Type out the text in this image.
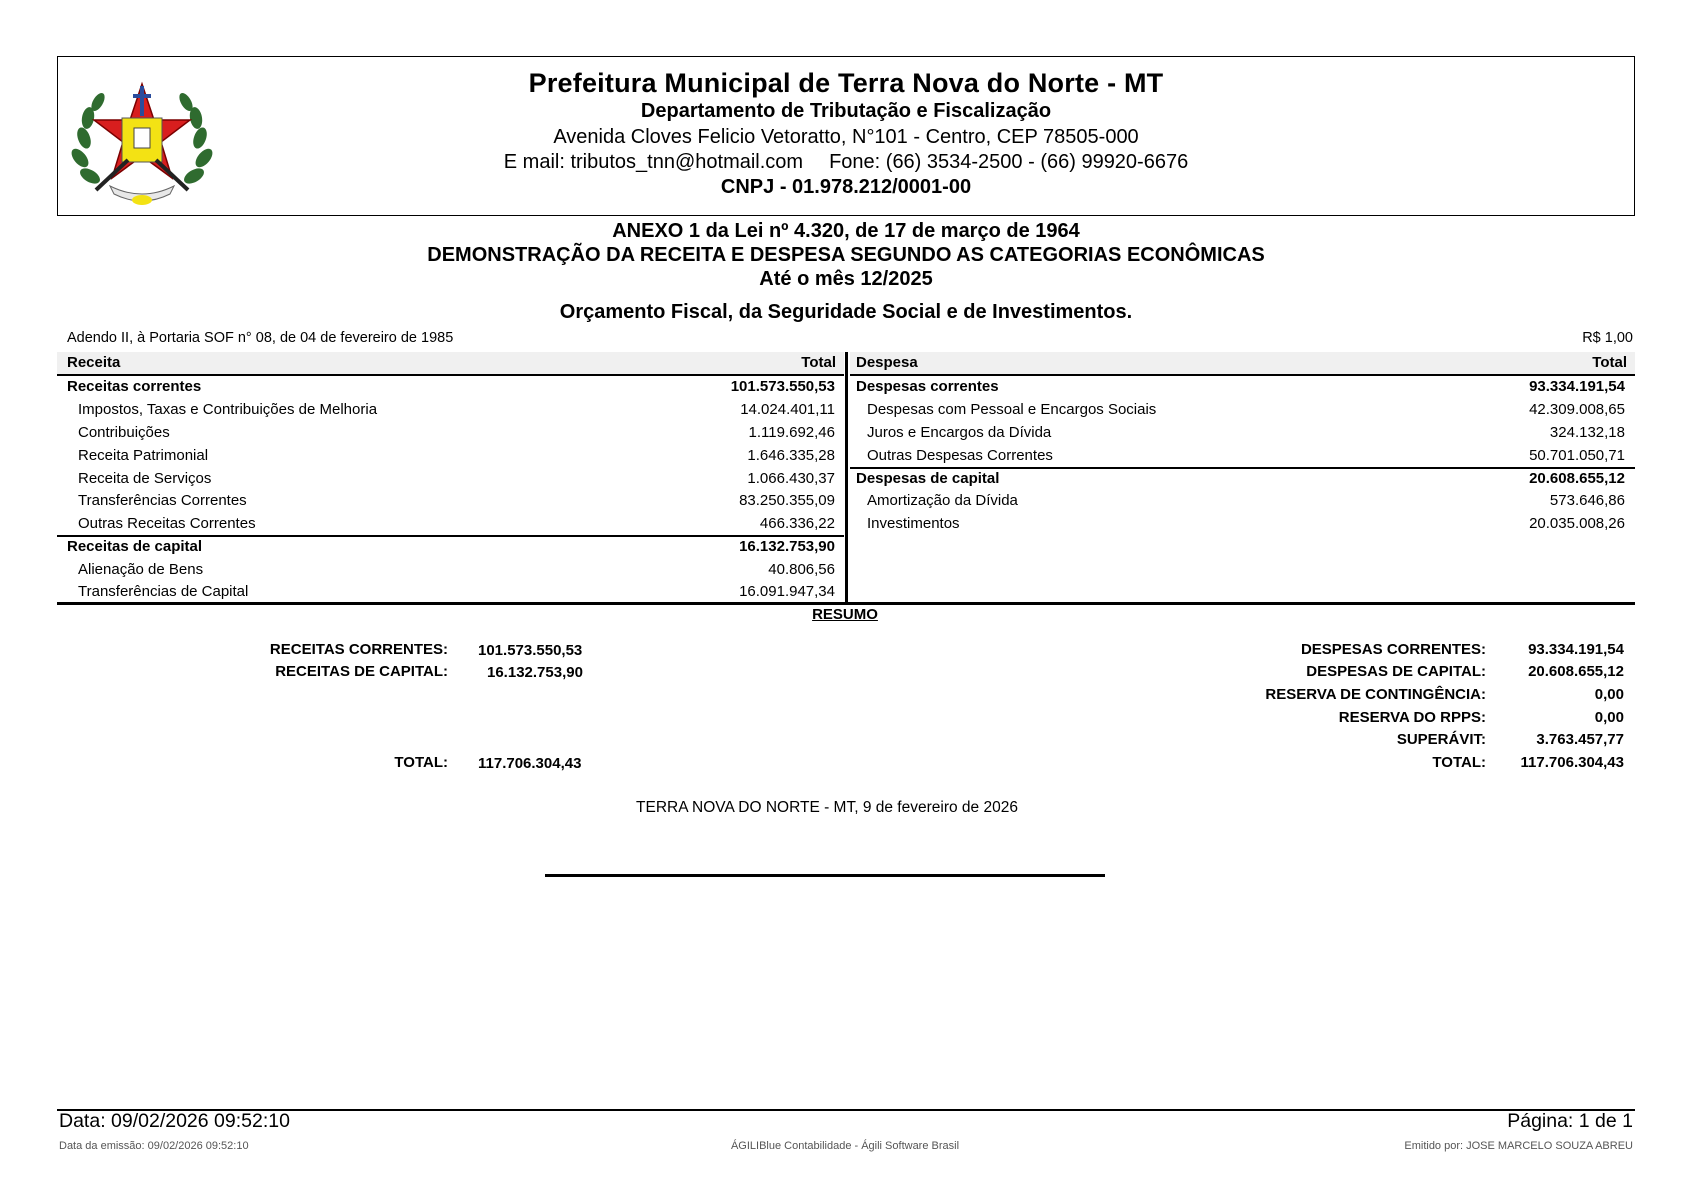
Prefeitura Municipal de Terra Nova do Norte - MT
Departamento de Tributação e Fiscalização
Avenida Cloves Felicio Vetoratto, N°101 - Centro, CEP 78505-000
E mail: tributos_tnn@hotmail.com Fone: (66) 3534-2500 - (66) 99920-6676
CNPJ - 01.978.212/0001-00
ANEXO 1 da Lei nº 4.320, de 17 de março de 1964
DEMONSTRAÇÃO DA RECEITA E DESPESA SEGUNDO AS CATEGORIAS ECONÔMICAS
Até o mês 12/2025
Orçamento Fiscal, da Seguridade Social e de Investimentos.
Adendo II, à Portaria SOF n° 08, de 04 de fevereiro de 1985	R$ 1,00
Receita	Total Despesa	Total
Receitas correntes	101.573.550,53
Impostos, Taxas e Contribuições de Melhoria	14.024.401,11
Contribuições	1.119.692,46
Receita Patrimonial	1.646.335,28
Receita de Serviços	1.066.430,37
Transferências Correntes	83.250.355,09
Outras Receitas Correntes	466.336,22
Receitas de capital	16.132.753,90
Alienação de Bens	40.806,56
Transferências de Capital	16.091.947,34
Despesas correntes	93.334.191,54
Despesas com Pessoal e Encargos Sociais	42.309.008,65
Juros e Encargos da Dívida	324.132,18
Outras Despesas Correntes	50.701.050,71
Despesas de capital	20.608.655,12
Amortização da Dívida	573.646,86
Investimentos	20.035.008,26
RESUMO
RECEITAS CORRENTES: 101.573.550,53
RECEITAS DE CAPITAL:	16.132.753,90
TOTAL: 117.706.304,43
DESPESAS CORRENTES:	93.334.191,54
DESPESAS DE CAPITAL:	20.608.655,12
RESERVA DE CONTINGÊNCIA:	0,00
RESERVA DO RPPS:	0,00
SUPERÁVIT:	3.763.457,77
TOTAL:	117.706.304,43
TERRA NOVA DO NORTE - MT, 9 de fevereiro de 2026
Data: 09/02/2026 09:52:10	Página: 1 de 1
Data da emissão: 09/02/2026 09:52:10	ÁGILIBlue Contabilidade - Ágili Software Brasil	Emitido por: JOSE MARCELO SOUZA ABREU
